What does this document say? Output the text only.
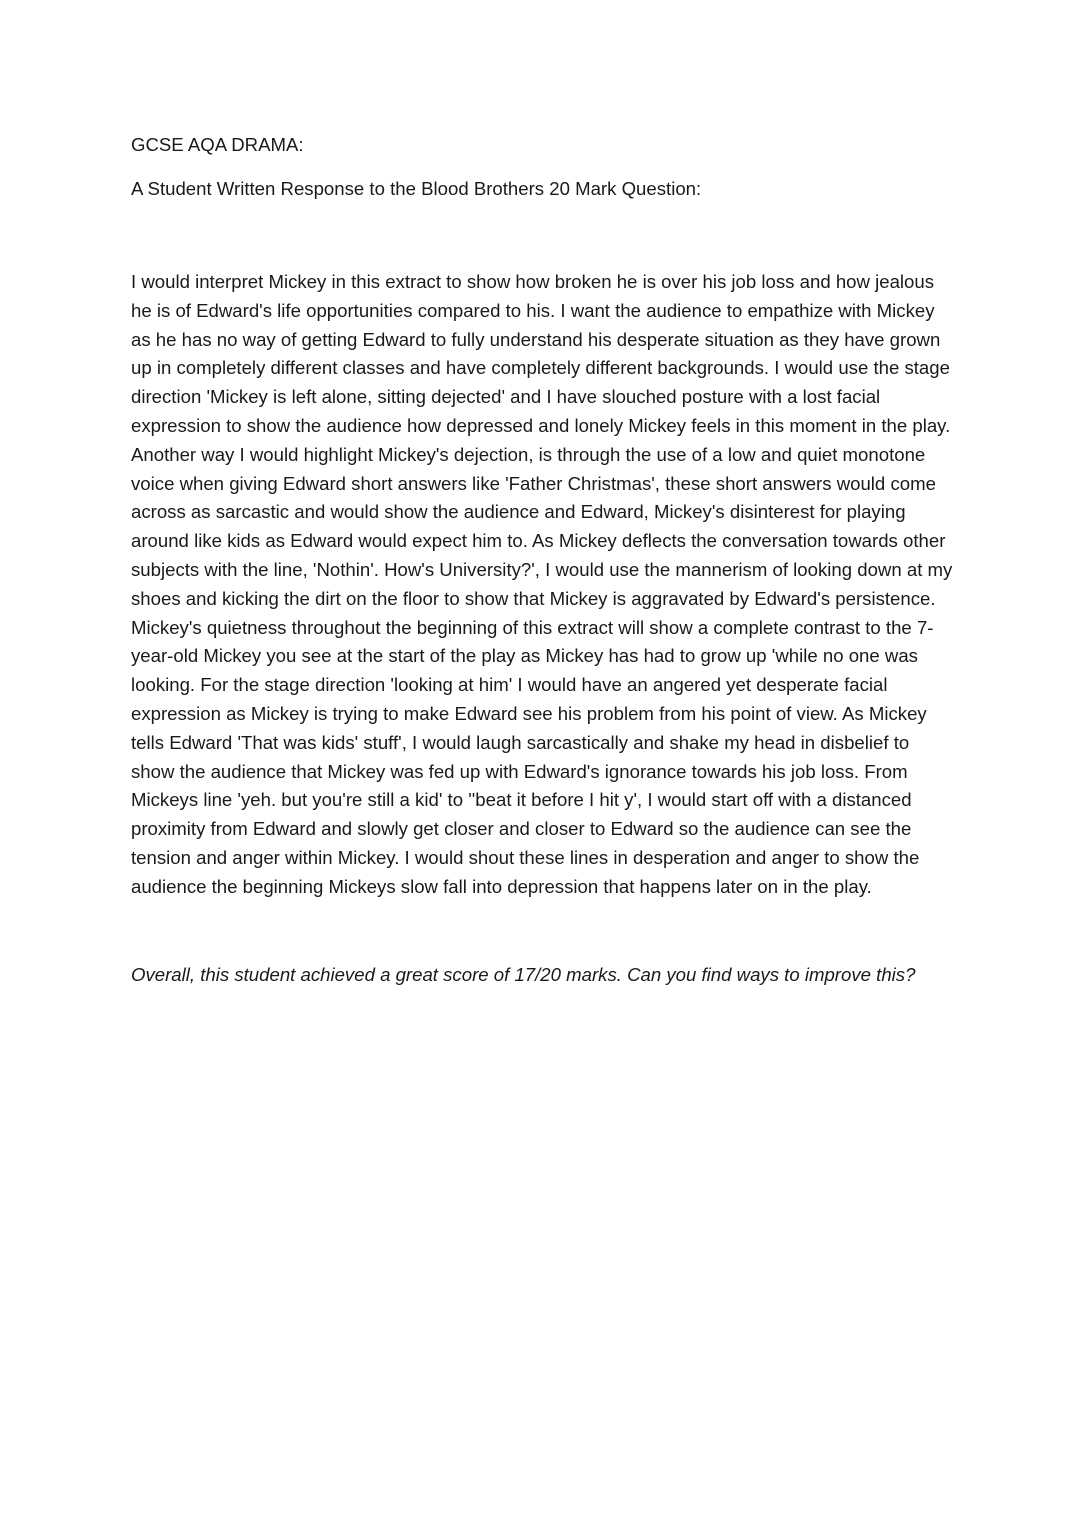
GCSE AQA DRAMA:

A Student Written Response to the Blood Brothers 20 Mark Question:

I would interpret Mickey in this extract to show how broken he is over his job loss and how jealous he is of Edward's life opportunities compared to his. I want the audience to empathize with Mickey as he has no way of getting Edward to fully understand his desperate situation as they have grown up in completely different classes and have completely different backgrounds. I would use the stage direction 'Mickey is left alone, sitting dejected' and I have slouched posture with a lost facial expression to show the audience how depressed and lonely Mickey feels in this moment in the play. Another way I would highlight Mickey's dejection, is through the use of a low and quiet monotone voice when giving Edward short answers like 'Father Christmas', these short answers would come across as sarcastic and would show the audience and Edward, Mickey's disinterest for playing around like kids as Edward would expect him to. As Mickey deflects the conversation towards other subjects with the line, 'Nothin'. How's University?', I would use the mannerism of looking down at my shoes and kicking the dirt on the floor to show that Mickey is aggravated by Edward's persistence. Mickey's quietness throughout the beginning of this extract will show a complete contrast to the 7-year-old Mickey you see at the start of the play as Mickey has had to grow up 'while no one was looking. For the stage direction 'looking at him' I would have an angered yet desperate facial expression as Mickey is trying to make Edward see his problem from his point of view. As Mickey tells Edward 'That was kids' stuff', I would laugh sarcastically and shake my head in disbelief to show the audience that Mickey was fed up with Edward's ignorance towards his job loss. From Mickeys line 'yeh. but you're still a kid' to ''beat it before I hit y', I would start off with a distanced proximity from Edward and slowly get closer and closer to Edward so the audience can see the tension and anger within Mickey. I would shout these lines in desperation and anger to show the audience the beginning Mickeys slow fall into depression that happens later on in the play.

Overall, this student achieved a great score of 17/20 marks. Can you find ways to improve this?
